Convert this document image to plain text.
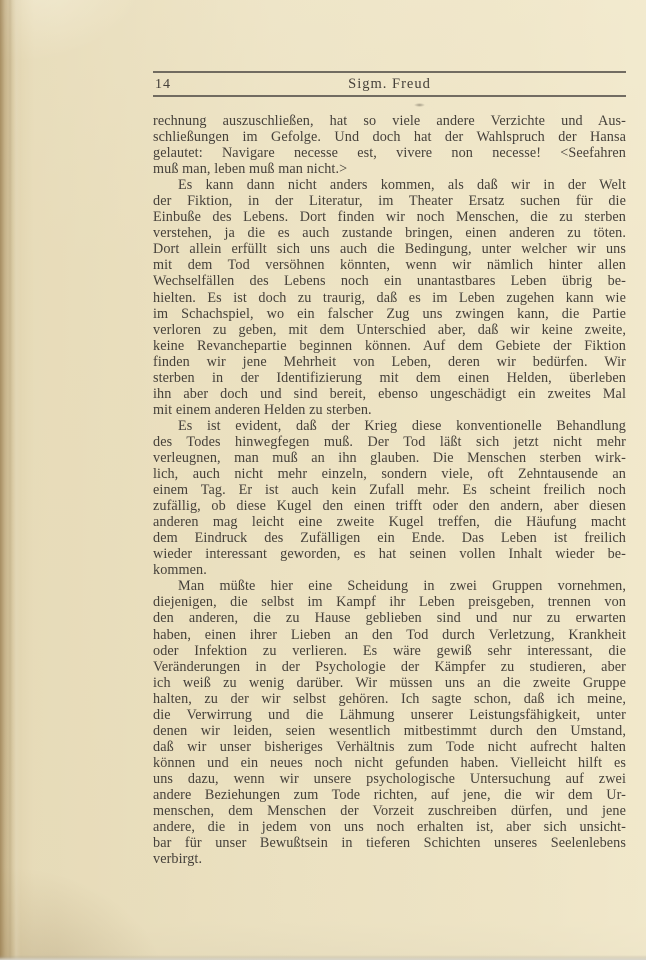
14	Sigm. Freud
rechnung auszuschließen, hat so viele andere Verzichte und Aus-
schließungen im Gefolge. Und doch hat der Wahlspruch der Hansa
gelautet: Navigare necesse est, vivere non necesse! <Seefahren
muß man, leben muß man nicht.>
Es kann dann nicht anders kommen, als daß wir in der Welt
der Fiktion, in der Literatur, im Theater Ersatz suchen für die
Einbuße des Lebens. Dort finden wir noch Menschen, die zu sterben
verstehen, ja die es auch zustande bringen, einen anderen zu töten.
Dort allein erfüllt sich uns auch die Bedingung, unter welcher wir uns
mit dem Tod versöhnen könnten, wenn wir nämlich hinter allen
Wechselfällen des Lebens noch ein unantastbares Leben übrig be-
hielten. Es ist doch zu traurig, daß es im Leben zugehen kann wie
im Schachspiel, wo ein falscher Zug uns zwingen kann, die Partie
verloren zu geben, mit dem Unterschied aber, daß wir keine zweite,
keine Revanchepartie beginnen können. Auf dem Gebiete der Fiktion
finden wir jene Mehrheit von Leben, deren wir bedürfen. Wir
sterben in der Identifizierung mit dem einen Helden, überleben
ihn aber doch und sind bereit, ebenso ungeschädigt ein zweites Mal
mit einem anderen Helden zu sterben.
Es ist evident, daß der Krieg diese konventionelle Behandlung
des Todes hinwegfegen muß. Der Tod läßt sich jetzt nicht mehr
verleugnen, man muß an ihn glauben. Die Menschen sterben wirk-
lich, auch nicht mehr einzeln, sondern viele, oft Zehntausende an
einem Tag. Er ist auch kein Zufall mehr. Es scheint freilich noch
zufällig, ob diese Kugel den einen trifft oder den andern, aber diesen
anderen mag leicht eine zweite Kugel treffen, die Häufung macht
dem Eindruck des Zufälligen ein Ende. Das Leben ist freilich
wieder interessant geworden, es hat seinen vollen Inhalt wieder be-
kommen.
Man müßte hier eine Scheidung in zwei Gruppen vornehmen,
diejenigen, die selbst im Kampf ihr Leben preisgeben, trennen von
den anderen, die zu Hause geblieben sind und nur zu erwarten
haben, einen ihrer Lieben an den Tod durch Verletzung, Krankheit
oder Infektion zu verlieren. Es wäre gewiß sehr interessant, die
Veränderungen in der Psychologie der Kämpfer zu studieren, aber
ich weiß zu wenig darüber. Wir müssen uns an die zweite Gruppe
halten, zu der wir selbst gehören. Ich sagte schon, daß ich meine,
die Verwirrung und die Lähmung unserer Leistungsfähigkeit, unter
denen wir leiden, seien wesentlich mitbestimmt durch den Umstand,
daß wir unser bisheriges Verhältnis zum Tode nicht aufrecht halten
können und ein neues noch nicht gefunden haben. Vielleicht hilft es
uns dazu, wenn wir unsere psychologische Untersuchung auf zwei
andere Beziehungen zum Tode richten, auf jene, die wir dem Ur-
menschen, dem Menschen der Vorzeit zuschreiben dürfen, und jene
andere, die in jedem von uns noch erhalten ist, aber sich unsicht-
bar für unser Bewußtsein in tieferen Schichten unseres Seelenlebens
verbirgt.
